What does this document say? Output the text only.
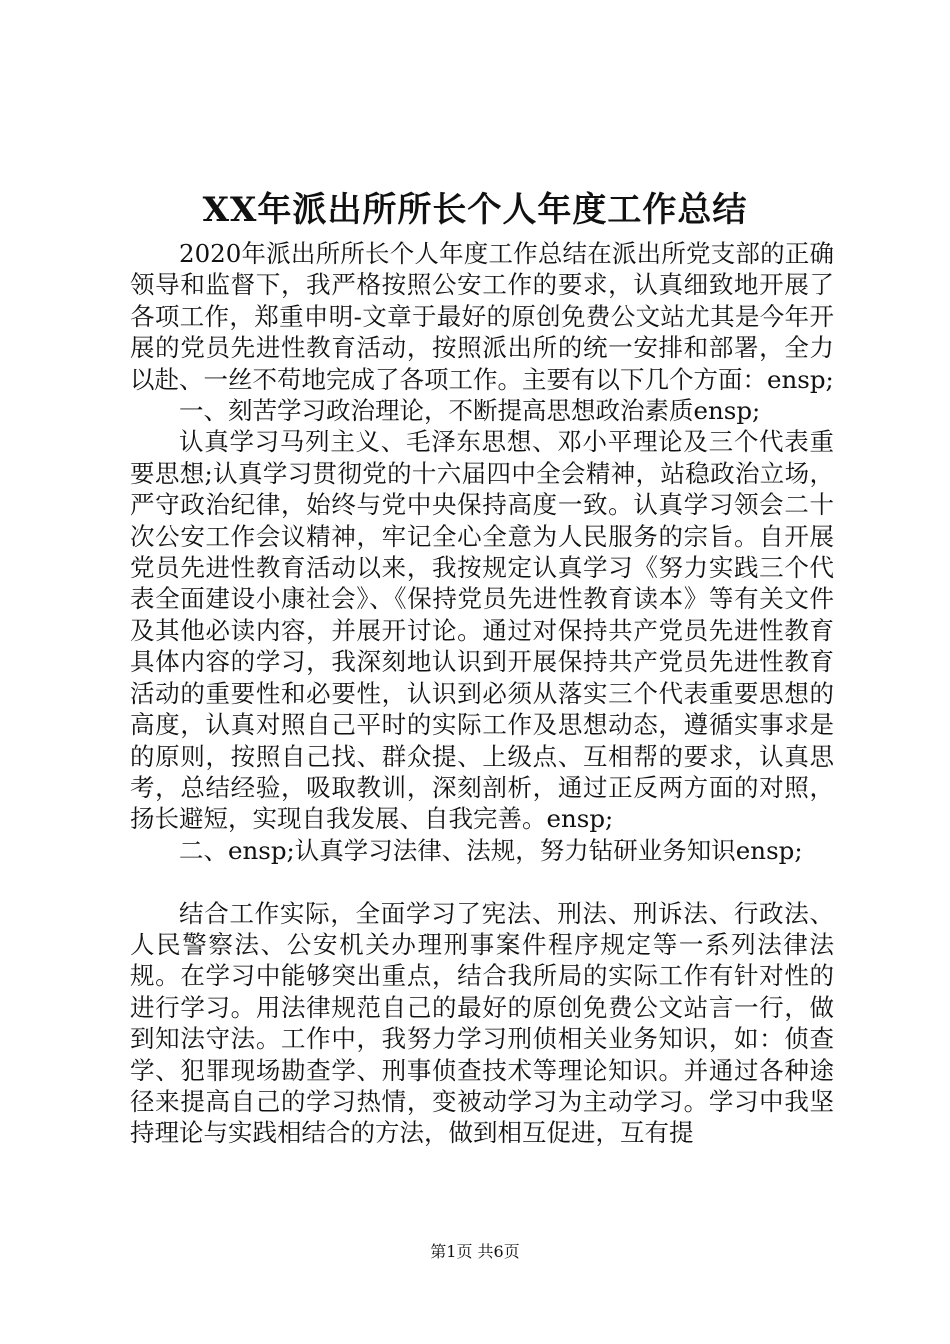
XX年派出所所长个人年度工作总结

2020年派出所所长个人年度工作总结在派出所党支部的正确领导和监督下，我严格按照公安工作的要求，认真细致地开展了各项工作，郑重申明-文章于最好的原创免费公文站尤其是今年开展的党员先进性教育活动，按照派出所的统一安排和部署，全力以赴、一丝不苟地完成了各项工作。主要有以下几个方面：ensp;

一、刻苦学习政治理论，不断提高思想政治素质ensp;

认真学习马列主义、毛泽东思想、邓小平理论及三个代表重要思想;认真学习贯彻党的十六届四中全会精神，站稳政治立场，严守政治纪律，始终与党中央保持高度一致。认真学习领会二十次公安工作会议精神，牢记全心全意为人民服务的宗旨。自开展党员先进性教育活动以来，我按规定认真学习《努力实践三个代表全面建设小康社会》、《保持党员先进性教育读本》等有关文件及其他必读内容，并展开讨论。通过对保持共产党员先进性教育具体内容的学习，我深刻地认识到开展保持共产党员先进性教育活动的重要性和必要性，认识到必须从落实三个代表重要思想的高度，认真对照自己平时的实际工作及思想动态，遵循实事求是的原则，按照自己找、群众提、上级点、互相帮的要求，认真思考，总结经验，吸取教训，深刻剖析，通过正反两方面的对照，扬长避短，实现自我发展、自我完善。ensp;

二、ensp;认真学习法律、法规，努力钻研业务知识ensp;

结合工作实际，全面学习了宪法、刑法、刑诉法、行政法、人民警察法、公安机关办理刑事案件程序规定等一系列法律法规。在学习中能够突出重点，结合我所局的实际工作有针对性的进行学习。用法律规范自己的最好的原创免费公文站言一行，做到知法守法。工作中，我努力学习刑侦相关业务知识，如：侦查学、犯罪现场勘查学、刑事侦查技术等理论知识。并通过各种途径来提高自己的学习热情，变被动学习为主动学习。学习中我坚持理论与实践相结合的方法，做到相互促进，互有提

第1页 共6页
